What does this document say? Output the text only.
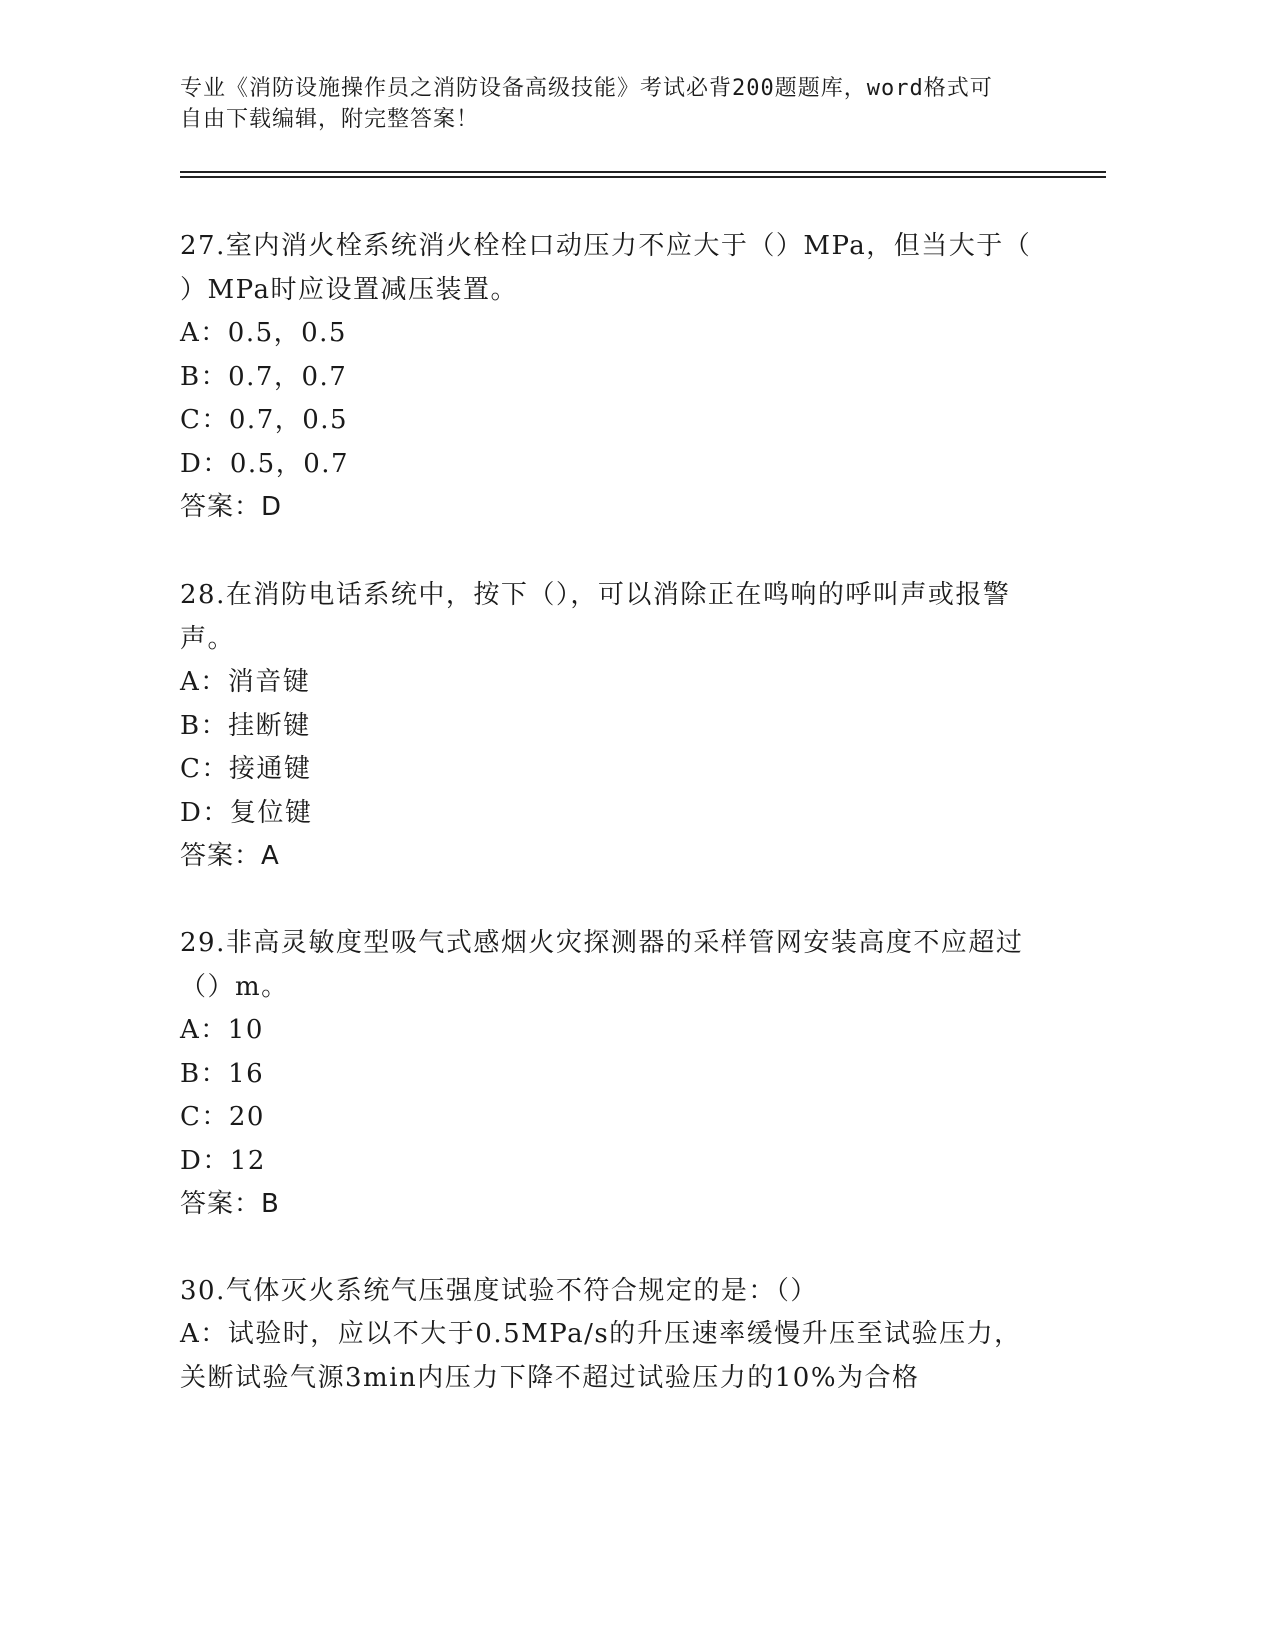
专业《消防设施操作员之消防设备高级技能》考试必背200题题库，word格式可
自由下载编辑，附完整答案！
27.室内消火栓系统消火栓栓口动压力不应大于（）MPa，但当大于（
）MPa时应设置减压装置。
A：0.5，0.5
B：0.7，0.7
C：0.7，0.5
D：0.5，0.7
答案：D
28.在消防电话系统中，按下（），可以消除正在鸣响的呼叫声或报警
声。
A：消音键
B：挂断键
C：接通键
D：复位键
答案：A
29.非高灵敏度型吸气式感烟火灾探测器的采样管网安装高度不应超过
（）m。
A：10
B：16
C：20
D：12
答案：B
30.气体灭火系统气压强度试验不符合规定的是：（）
A：试验时，应以不大于0.5MPa/s的升压速率缓慢升压至试验压力，
关断试验气源3min内压力下降不超过试验压力的10%为合格
